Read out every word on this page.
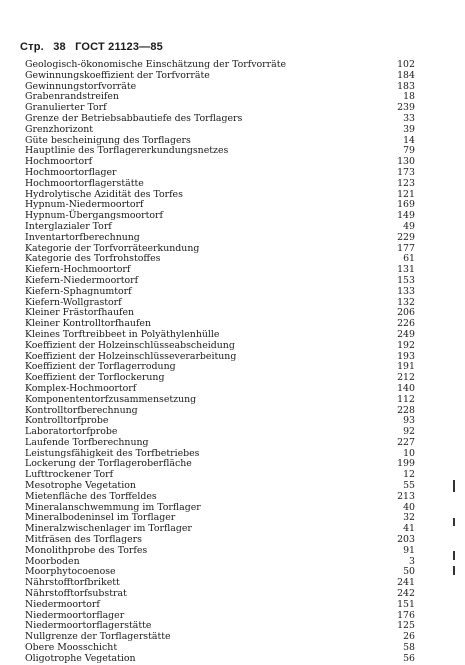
Стр. 38 ГОСТ 21123—85
Geologisch-ökonomische Einschätzung der Torfvorräte	102
Gewinnungskoeffizient der Torfvorräte	184
Gewinnungstorfvorräte	183
Grabenrandstreifen	18
Granulierter Torf	239
Grenze der Betriebsabbautiefe des Torflagers	33
Grenzhorizont	39
Güte bescheinigung des Torflagers	14
Hauptlinie des Torflagererkundungsnetzes	79
Hochmoortorf	130
Hochmoortorflager	173
Hochmoortorflagerstätte	123
Hydrolytische Azidität des Torfes	121
Hypnum-Niedermoortorf	169
Hypnum-Übergangsmoortorf	149
Interglazialer Torf	49
Inventartorfberechnung	229
Kategorie der Torfvorräteerkundung	177
Kategorie des Torfrohstoffes	61
Kiefern-Hochmoortorf	131
Kiefern-Niedermoortorf	153
Kiefern-Sphagnumtorf	133
Kiefern-Wollgrastorf	132
Kleiner Frästorfhaufen	206
Kleiner Kontrolltorfhaufen	226
Kleines Torftreibbeet in Polyäthylenhülle	249
Koeffizient der Holzeinschlüsseabscheidung	192
Koeffizient der Holzeinschlüsseverarbeitung	193
Koeffizient der Torflagerrodung	191
Koeffizient der Torflockerung	212
Komplex-Hochmoortorf	140
Komponententorfzusammensetzung	112
Kontrolltorfberechnung	228
Kontrolltorfprobe	93
Laboratortorfprobe	92
Laufende Torfberechnung	227
Leistungsfähigkeit des Torfbetriebes	10
Lockerung der Torflageroberfläche	199
Lufttrockener Torf	12
Mesotrophe Vegetation	55
Mietenfläche des Torffeldes	213
Mineralanschwemmung im Torflager	40
Mineralbodeninsel im Torflager	32
Mineralzwischenlager im Torflager	41
Mitfräsen des Torflagers	203
Monolithprobe des Torfes	91
Moorboden	3
Moorphytocoenose	50
Nährstofftorfbrikett	241
Nährstofftorfsubstrat	242
Niedermoortorf	151
Niedermoortorflager	176
Niedermoortorflagerstätte	125
Nullgrenze der Torflagerstätte	26
Obere Moosschicht	58
Oligotrophe Vegetation	56
